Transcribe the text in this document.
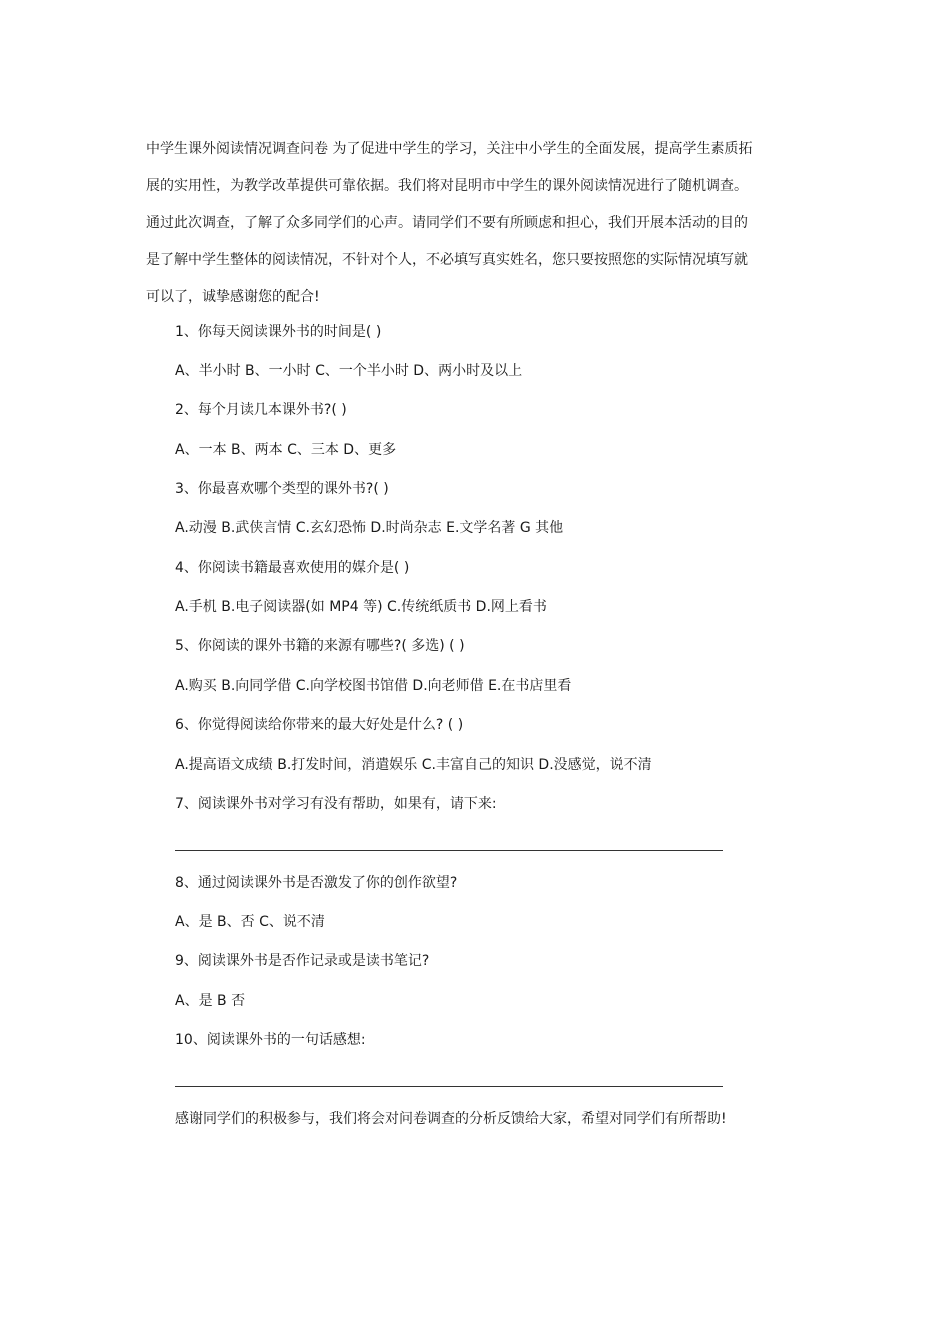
中学生课外阅读情况调查问卷 为了促进中学生的学习，关注中小学生的全面发展，提高学生素质拓

展的实用性，为教学改革提供可靠依据。我们将对昆明市中学生的课外阅读情况进行了随机调查。

通过此次调查，了解了众多同学们的心声。请同学们不要有所顾虑和担心，我们开展本活动的目的

是了解中学生整体的阅读情况，不针对个人，不必填写真实姓名，您只要按照您的实际情况填写就

可以了，诚挚感谢您的配合!

1、你每天阅读课外书的时间是( )
A、半小时 B、一小时 C、一个半小时 D、两小时及以上
2、每个月读几本课外书?( )
A、一本 B、两本 C、三本 D、更多
3、你最喜欢哪个类型的课外书?( )
A.动漫 B.武侠言情 C.玄幻恐怖 D.时尚杂志 E.文学名著 G 其他
4、你阅读书籍最喜欢使用的媒介是( )
A.手机 B.电子阅读器(如 MP4 等) C.传统纸质书 D.网上看书
5、你阅读的课外书籍的来源有哪些?( 多选) ( )
A.购买 B.向同学借 C.向学校图书馆借 D.向老师借 E.在书店里看
6、你觉得阅读给你带来的最大好处是什么? ( )
A.提高语文成绩 B.打发时间，消遣娱乐 C.丰富自己的知识 D.没感觉，说不清
7、阅读课外书对学习有没有帮助，如果有，请下来:
8、通过阅读课外书是否激发了你的创作欲望?
A、是 B、否 C、说不清
9、阅读课外书是否作记录或是读书笔记?
A、是 B 否
10、阅读课外书的一句话感想:
感谢同学们的积极参与，我们将会对问卷调查的分析反馈给大家，希望对同学们有所帮助!
